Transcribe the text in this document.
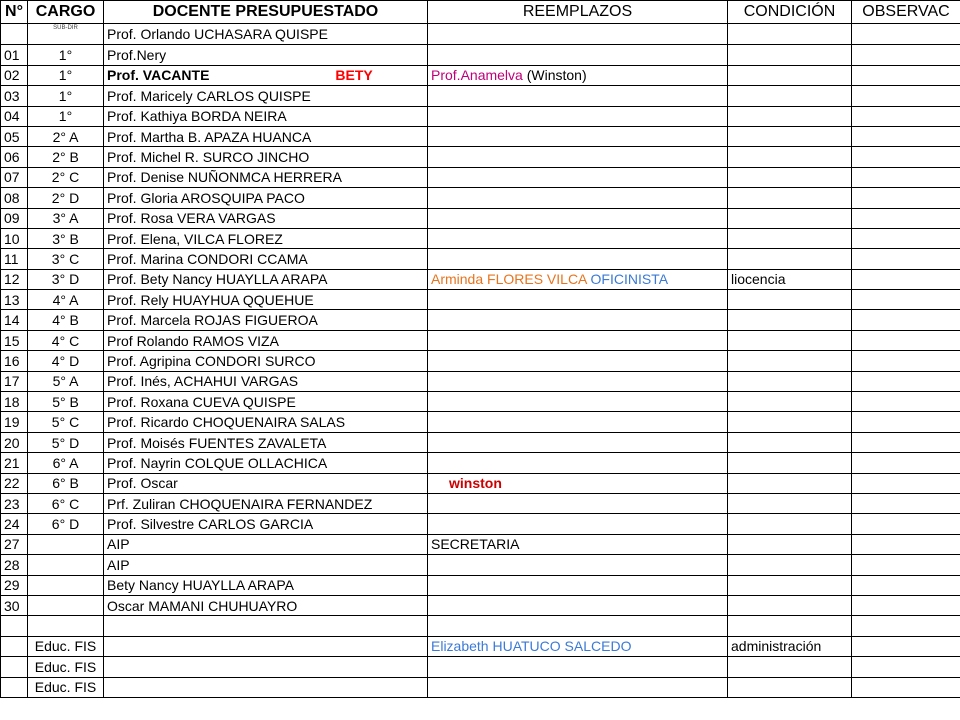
N°	CARGO	DOCENTE PRESUPUESTADO	REEMPLAZOS	CONDICIÓN	OBSERVAC
	SUB-DIR	Prof. Orlando UCHASARA QUISPE			
01	1°	Prof.Nery			
02	1°	Prof. VACANTE BETY	Prof.Anamelva (Winston)		
03	1°	Prof. Maricely CARLOS QUISPE			
04	1°	Prof. Kathiya BORDA NEIRA			
05	2° A	Prof. Martha B. APAZA HUANCA			
06	2° B	Prof. Michel R. SURCO JINCHO			
07	2° C	Prof. Denise NUÑONMCA HERRERA			
08	2° D	Prof. Gloria AROSQUIPA PACO			
09	3° A	Prof. Rosa VERA VARGAS			
10	3° B	Prof. Elena, VILCA FLOREZ			
11	3° C	Prof. Marina CONDORI CCAMA			
12	3° D	Prof. Bety Nancy HUAYLLA ARAPA	Arminda FLORES VILCA OFICINISTA	liocencia	
13	4° A	Prof. Rely HUAYHUA QQUEHUE			
14	4° B	Prof. Marcela ROJAS FIGUEROA			
15	4° C	Prof Rolando RAMOS VIZA			
16	4° D	Prof. Agripina CONDORI SURCO			
17	5° A	Prof. Inés, ACHAHUI VARGAS			
18	5° B	Prof. Roxana CUEVA QUISPE			
19	5° C	Prof. Ricardo CHOQUENAIRA SALAS			
20	5° D	Prof. Moisés FUENTES ZAVALETA			
21	6° A	Prof. Nayrin COLQUE OLLACHICA			
22	6° B	Prof. Oscar	winston		
23	6° C	Prf. Zuliran CHOQUENAIRA FERNANDEZ			
24	6° D	Prof. Silvestre CARLOS GARCIA			
27		AIP	SECRETARIA		
28		AIP			
29		Bety Nancy HUAYLLA ARAPA			
30		Oscar MAMANI CHUHUAYRO			

	Educ. FIS		Elizabeth HUATUCO SALCEDO	administración	
	Educ. FIS				
	Educ. FIS				
